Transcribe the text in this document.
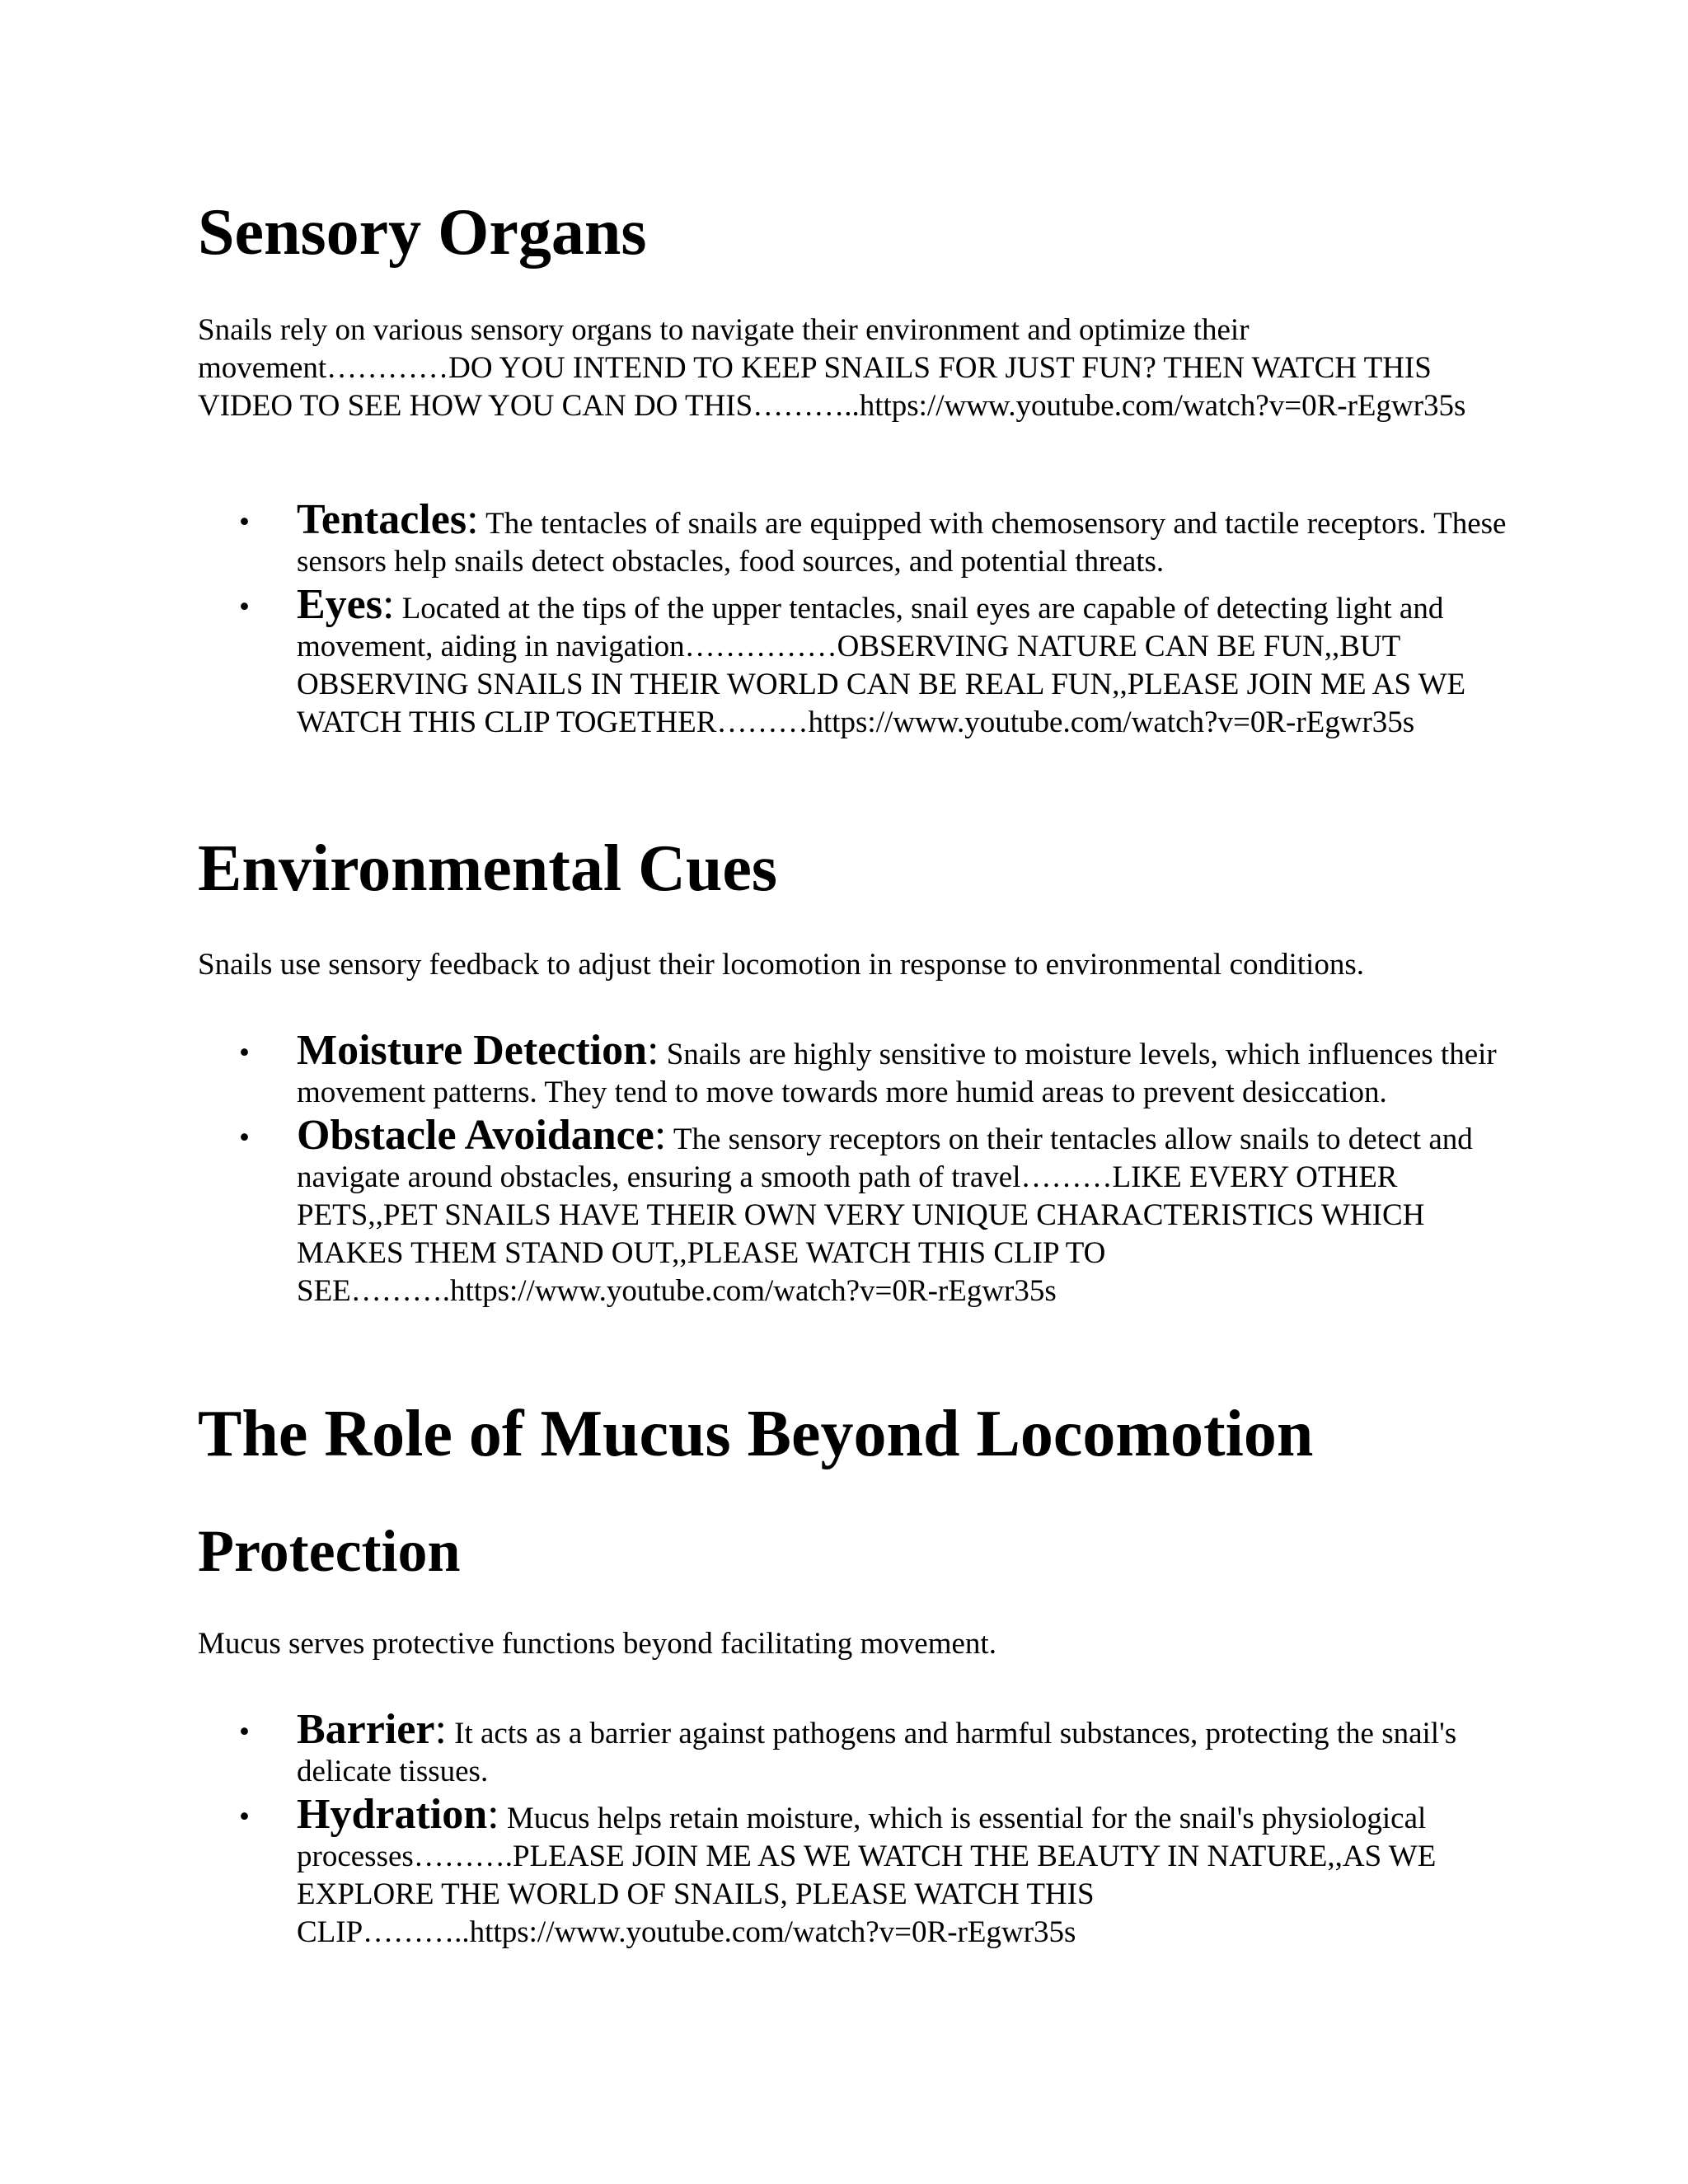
Sensory Organs

Snails rely on various sensory organs to navigate their environment and optimize their movement…………DO YOU INTEND TO KEEP SNAILS FOR JUST FUN? THEN WATCH THIS VIDEO TO SEE HOW YOU CAN DO THIS………..https://www.youtube.com/watch?v=0R-rEgwr35s

• Tentacles: The tentacles of snails are equipped with chemosensory and tactile receptors. These sensors help snails detect obstacles, food sources, and potential threats.
• Eyes: Located at the tips of the upper tentacles, snail eyes are capable of detecting light and movement, aiding in navigation……………OBSERVING NATURE CAN BE FUN,,BUT OBSERVING SNAILS IN THEIR WORLD CAN BE REAL FUN,,PLEASE JOIN ME AS WE WATCH THIS CLIP TOGETHER………https://www.youtube.com/watch?v=0R-rEgwr35s
Environmental Cues

Snails use sensory feedback to adjust their locomotion in response to environmental conditions.

• Moisture Detection: Snails are highly sensitive to moisture levels, which influences their movement patterns. They tend to move towards more humid areas to prevent desiccation.
• Obstacle Avoidance: The sensory receptors on their tentacles allow snails to detect and navigate around obstacles, ensuring a smooth path of travel………LIKE EVERY OTHER PETS,,PET SNAILS HAVE THEIR OWN VERY UNIQUE CHARACTERISTICS WHICH MAKES THEM STAND OUT,,PLEASE WATCH THIS CLIP TO SEE……….https://www.youtube.com/watch?v=0R-rEgwr35s
The Role of Mucus Beyond Locomotion
Protection

Mucus serves protective functions beyond facilitating movement.

• Barrier: It acts as a barrier against pathogens and harmful substances, protecting the snail's delicate tissues.
• Hydration: Mucus helps retain moisture, which is essential for the snail's physiological processes……….PLEASE JOIN ME AS WE WATCH THE BEAUTY IN NATURE,,AS WE EXPLORE THE WORLD OF SNAILS, PLEASE WATCH THIS CLIP………..https://www.youtube.com/watch?v=0R-rEgwr35s
